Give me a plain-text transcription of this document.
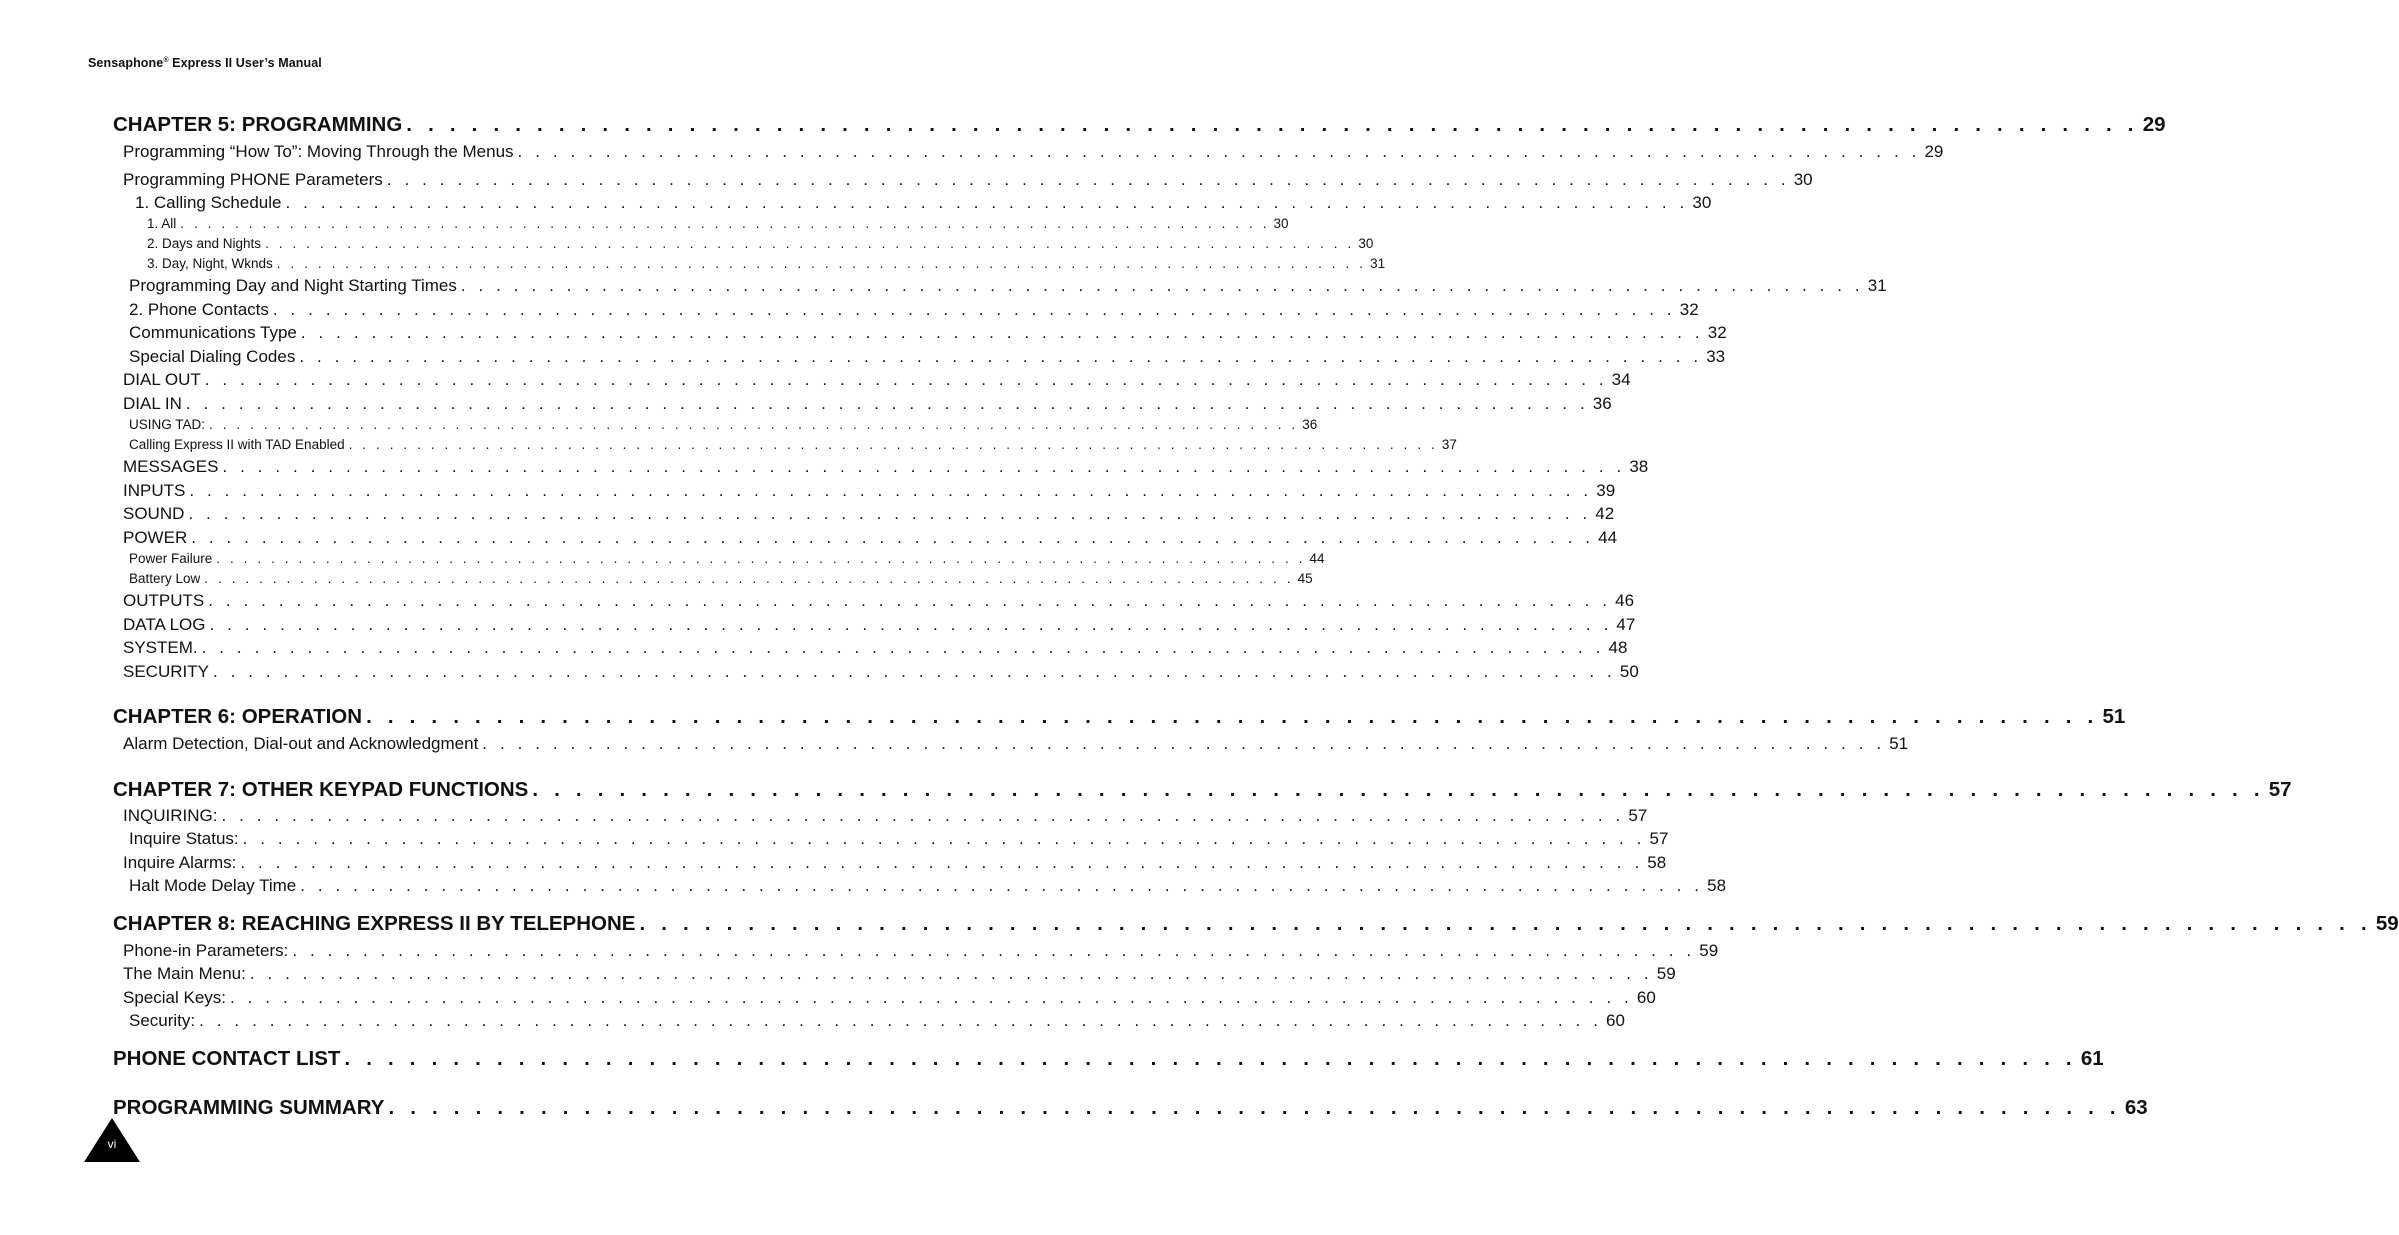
Sensaphone® Express II User’s Manual
CHAPTER 5: PROGRAMMING . . . . . . . . . . . . . . . . . . . . . . . . . . . . . . . . . . . . . . . . . . . . . . . . . . . . . . . . . . . . . . . . . . . . . . . . . . . . . . . . 29
Programming “How To”: Moving Through the Menus . . . . . . . . . . . . . . . . . . . . . . . . . . . . . . . . . . . . . . . . . . . . . . . . . . . . . . . . . . . . . . . . . . . . . . . . . . . . . . . . 29
Programming PHONE Parameters . . . . . . . . . . . . . . . . . . . . . . . . . . . . . . . . . . . . . . . . . . . . . . . . . . . . . . . . . . . . . . . . . . . . . . . . . . . . . . . . 30
1. Calling Schedule . . . . . . . . . . . . . . . . . . . . . . . . . . . . . . . . . . . . . . . . . . . . . . . . . . . . . . . . . . . . . . . . . . . . . . . . . . . . . . . . 30
1. All . . . . . . . . . . . . . . . . . . . . . . . . . . . . . . . . . . . . . . . . . . . . . . . . . . . . . . . . . . . . . . . . . . . . . . . . . . . . . . . . 30
2. Days and Nights . . . . . . . . . . . . . . . . . . . . . . . . . . . . . . . . . . . . . . . . . . . . . . . . . . . . . . . . . . . . . . . . . . . . . . . . . . . . . . . . 30
3. Day, Night, Wknds . . . . . . . . . . . . . . . . . . . . . . . . . . . . . . . . . . . . . . . . . . . . . . . . . . . . . . . . . . . . . . . . . . . . . . . . . . . . . . . . 31
Programming Day and Night Starting Times . . . . . . . . . . . . . . . . . . . . . . . . . . . . . . . . . . . . . . . . . . . . . . . . . . . . . . . . . . . . . . . . . . . . . . . . . . . . . . . . 31
2. Phone Contacts . . . . . . . . . . . . . . . . . . . . . . . . . . . . . . . . . . . . . . . . . . . . . . . . . . . . . . . . . . . . . . . . . . . . . . . . . . . . . . . . 32
Communications Type . . . . . . . . . . . . . . . . . . . . . . . . . . . . . . . . . . . . . . . . . . . . . . . . . . . . . . . . . . . . . . . . . . . . . . . . . . . . . . . . 32
Special Dialing Codes . . . . . . . . . . . . . . . . . . . . . . . . . . . . . . . . . . . . . . . . . . . . . . . . . . . . . . . . . . . . . . . . . . . . . . . . . . . . . . . . 33
DIAL OUT . . . . . . . . . . . . . . . . . . . . . . . . . . . . . . . . . . . . . . . . . . . . . . . . . . . . . . . . . . . . . . . . . . . . . . . . . . . . . . . . 34
DIAL IN . . . . . . . . . . . . . . . . . . . . . . . . . . . . . . . . . . . . . . . . . . . . . . . . . . . . . . . . . . . . . . . . . . . . . . . . . . . . . . . . 36
USING TAD: . . . . . . . . . . . . . . . . . . . . . . . . . . . . . . . . . . . . . . . . . . . . . . . . . . . . . . . . . . . . . . . . . . . . . . . . . . . . . . . . 36
Calling Express II with TAD Enabled . . . . . . . . . . . . . . . . . . . . . . . . . . . . . . . . . . . . . . . . . . . . . . . . . . . . . . . . . . . . . . . . . . . . . . . . . . . . . . . . 37
MESSAGES . . . . . . . . . . . . . . . . . . . . . . . . . . . . . . . . . . . . . . . . . . . . . . . . . . . . . . . . . . . . . . . . . . . . . . . . . . . . . . . . 38
INPUTS . . . . . . . . . . . . . . . . . . . . . . . . . . . . . . . . . . . . . . . . . . . . . . . . . . . . . . . . . . . . . . . . . . . . . . . . . . . . . . . . 39
SOUND . . . . . . . . . . . . . . . . . . . . . . . . . . . . . . . . . . . . . . . . . . . . . . . . . . . . . . . . . . . . . . . . . . . . . . . . . . . . . . . . 42
POWER . . . . . . . . . . . . . . . . . . . . . . . . . . . . . . . . . . . . . . . . . . . . . . . . . . . . . . . . . . . . . . . . . . . . . . . . . . . . . . . . 44
Power Failure . . . . . . . . . . . . . . . . . . . . . . . . . . . . . . . . . . . . . . . . . . . . . . . . . . . . . . . . . . . . . . . . . . . . . . . . . . . . . . . . 44
Battery Low . . . . . . . . . . . . . . . . . . . . . . . . . . . . . . . . . . . . . . . . . . . . . . . . . . . . . . . . . . . . . . . . . . . . . . . . . . . . . . . . 45
OUTPUTS . . . . . . . . . . . . . . . . . . . . . . . . . . . . . . . . . . . . . . . . . . . . . . . . . . . . . . . . . . . . . . . . . . . . . . . . . . . . . . . . 46
DATA LOG . . . . . . . . . . . . . . . . . . . . . . . . . . . . . . . . . . . . . . . . . . . . . . . . . . . . . . . . . . . . . . . . . . . . . . . . . . . . . . . . 47
SYSTEM. . . . . . . . . . . . . . . . . . . . . . . . . . . . . . . . . . . . . . . . . . . . . . . . . . . . . . . . . . . . . . . . . . . . . . . . . . . . . . . . . 48
SECURITY . . . . . . . . . . . . . . . . . . . . . . . . . . . . . . . . . . . . . . . . . . . . . . . . . . . . . . . . . . . . . . . . . . . . . . . . . . . . . . . . 50
CHAPTER 6: OPERATION . . . . . . . . . . . . . . . . . . . . . . . . . . . . . . . . . . . . . . . . . . . . . . . . . . . . . . . . . . . . . . . . . . . . . . . . . . . . . . . . 51
Alarm Detection, Dial-out and Acknowledgment . . . . . . . . . . . . . . . . . . . . . . . . . . . . . . . . . . . . . . . . . . . . . . . . . . . . . . . . . . . . . . . . . . . . . . . . . . . . . . . . 51
CHAPTER 7: OTHER KEYPAD FUNCTIONS . . . . . . . . . . . . . . . . . . . . . . . . . . . . . . . . . . . . . . . . . . . . . . . . . . . . . . . . . . . . . . . . . . . . . . . . . . . . . . . . 57
INQUIRING: . . . . . . . . . . . . . . . . . . . . . . . . . . . . . . . . . . . . . . . . . . . . . . . . . . . . . . . . . . . . . . . . . . . . . . . . . . . . . . . . 57
Inquire Status: . . . . . . . . . . . . . . . . . . . . . . . . . . . . . . . . . . . . . . . . . . . . . . . . . . . . . . . . . . . . . . . . . . . . . . . . . . . . . . . . 57
Inquire Alarms: . . . . . . . . . . . . . . . . . . . . . . . . . . . . . . . . . . . . . . . . . . . . . . . . . . . . . . . . . . . . . . . . . . . . . . . . . . . . . . . . 58
Halt Mode Delay Time . . . . . . . . . . . . . . . . . . . . . . . . . . . . . . . . . . . . . . . . . . . . . . . . . . . . . . . . . . . . . . . . . . . . . . . . . . . . . . . . 58
CHAPTER 8: REACHING EXPRESS II BY TELEPHONE . . . . . . . . . . . . . . . . . . . . . . . . . . . . . . . . . . . . . . . . . . . . . . . . . . . . . . . . . . . . . . . . . . . . . . . . . . . . . . . . 59
Phone-in Parameters: . . . . . . . . . . . . . . . . . . . . . . . . . . . . . . . . . . . . . . . . . . . . . . . . . . . . . . . . . . . . . . . . . . . . . . . . . . . . . . . . 59
The Main Menu: . . . . . . . . . . . . . . . . . . . . . . . . . . . . . . . . . . . . . . . . . . . . . . . . . . . . . . . . . . . . . . . . . . . . . . . . . . . . . . . . 59
Special Keys: . . . . . . . . . . . . . . . . . . . . . . . . . . . . . . . . . . . . . . . . . . . . . . . . . . . . . . . . . . . . . . . . . . . . . . . . . . . . . . . . 60
Security: . . . . . . . . . . . . . . . . . . . . . . . . . . . . . . . . . . . . . . . . . . . . . . . . . . . . . . . . . . . . . . . . . . . . . . . . . . . . . . . . 60
PHONE CONTACT LIST . . . . . . . . . . . . . . . . . . . . . . . . . . . . . . . . . . . . . . . . . . . . . . . . . . . . . . . . . . . . . . . . . . . . . . . . . . . . . . . . 61
PROGRAMMING SUMMARY . . . . . . . . . . . . . . . . . . . . . . . . . . . . . . . . . . . . . . . . . . . . . . . . . . . . . . . . . . . . . . . . . . . . . . . . . . . . . . . . 63
vi
